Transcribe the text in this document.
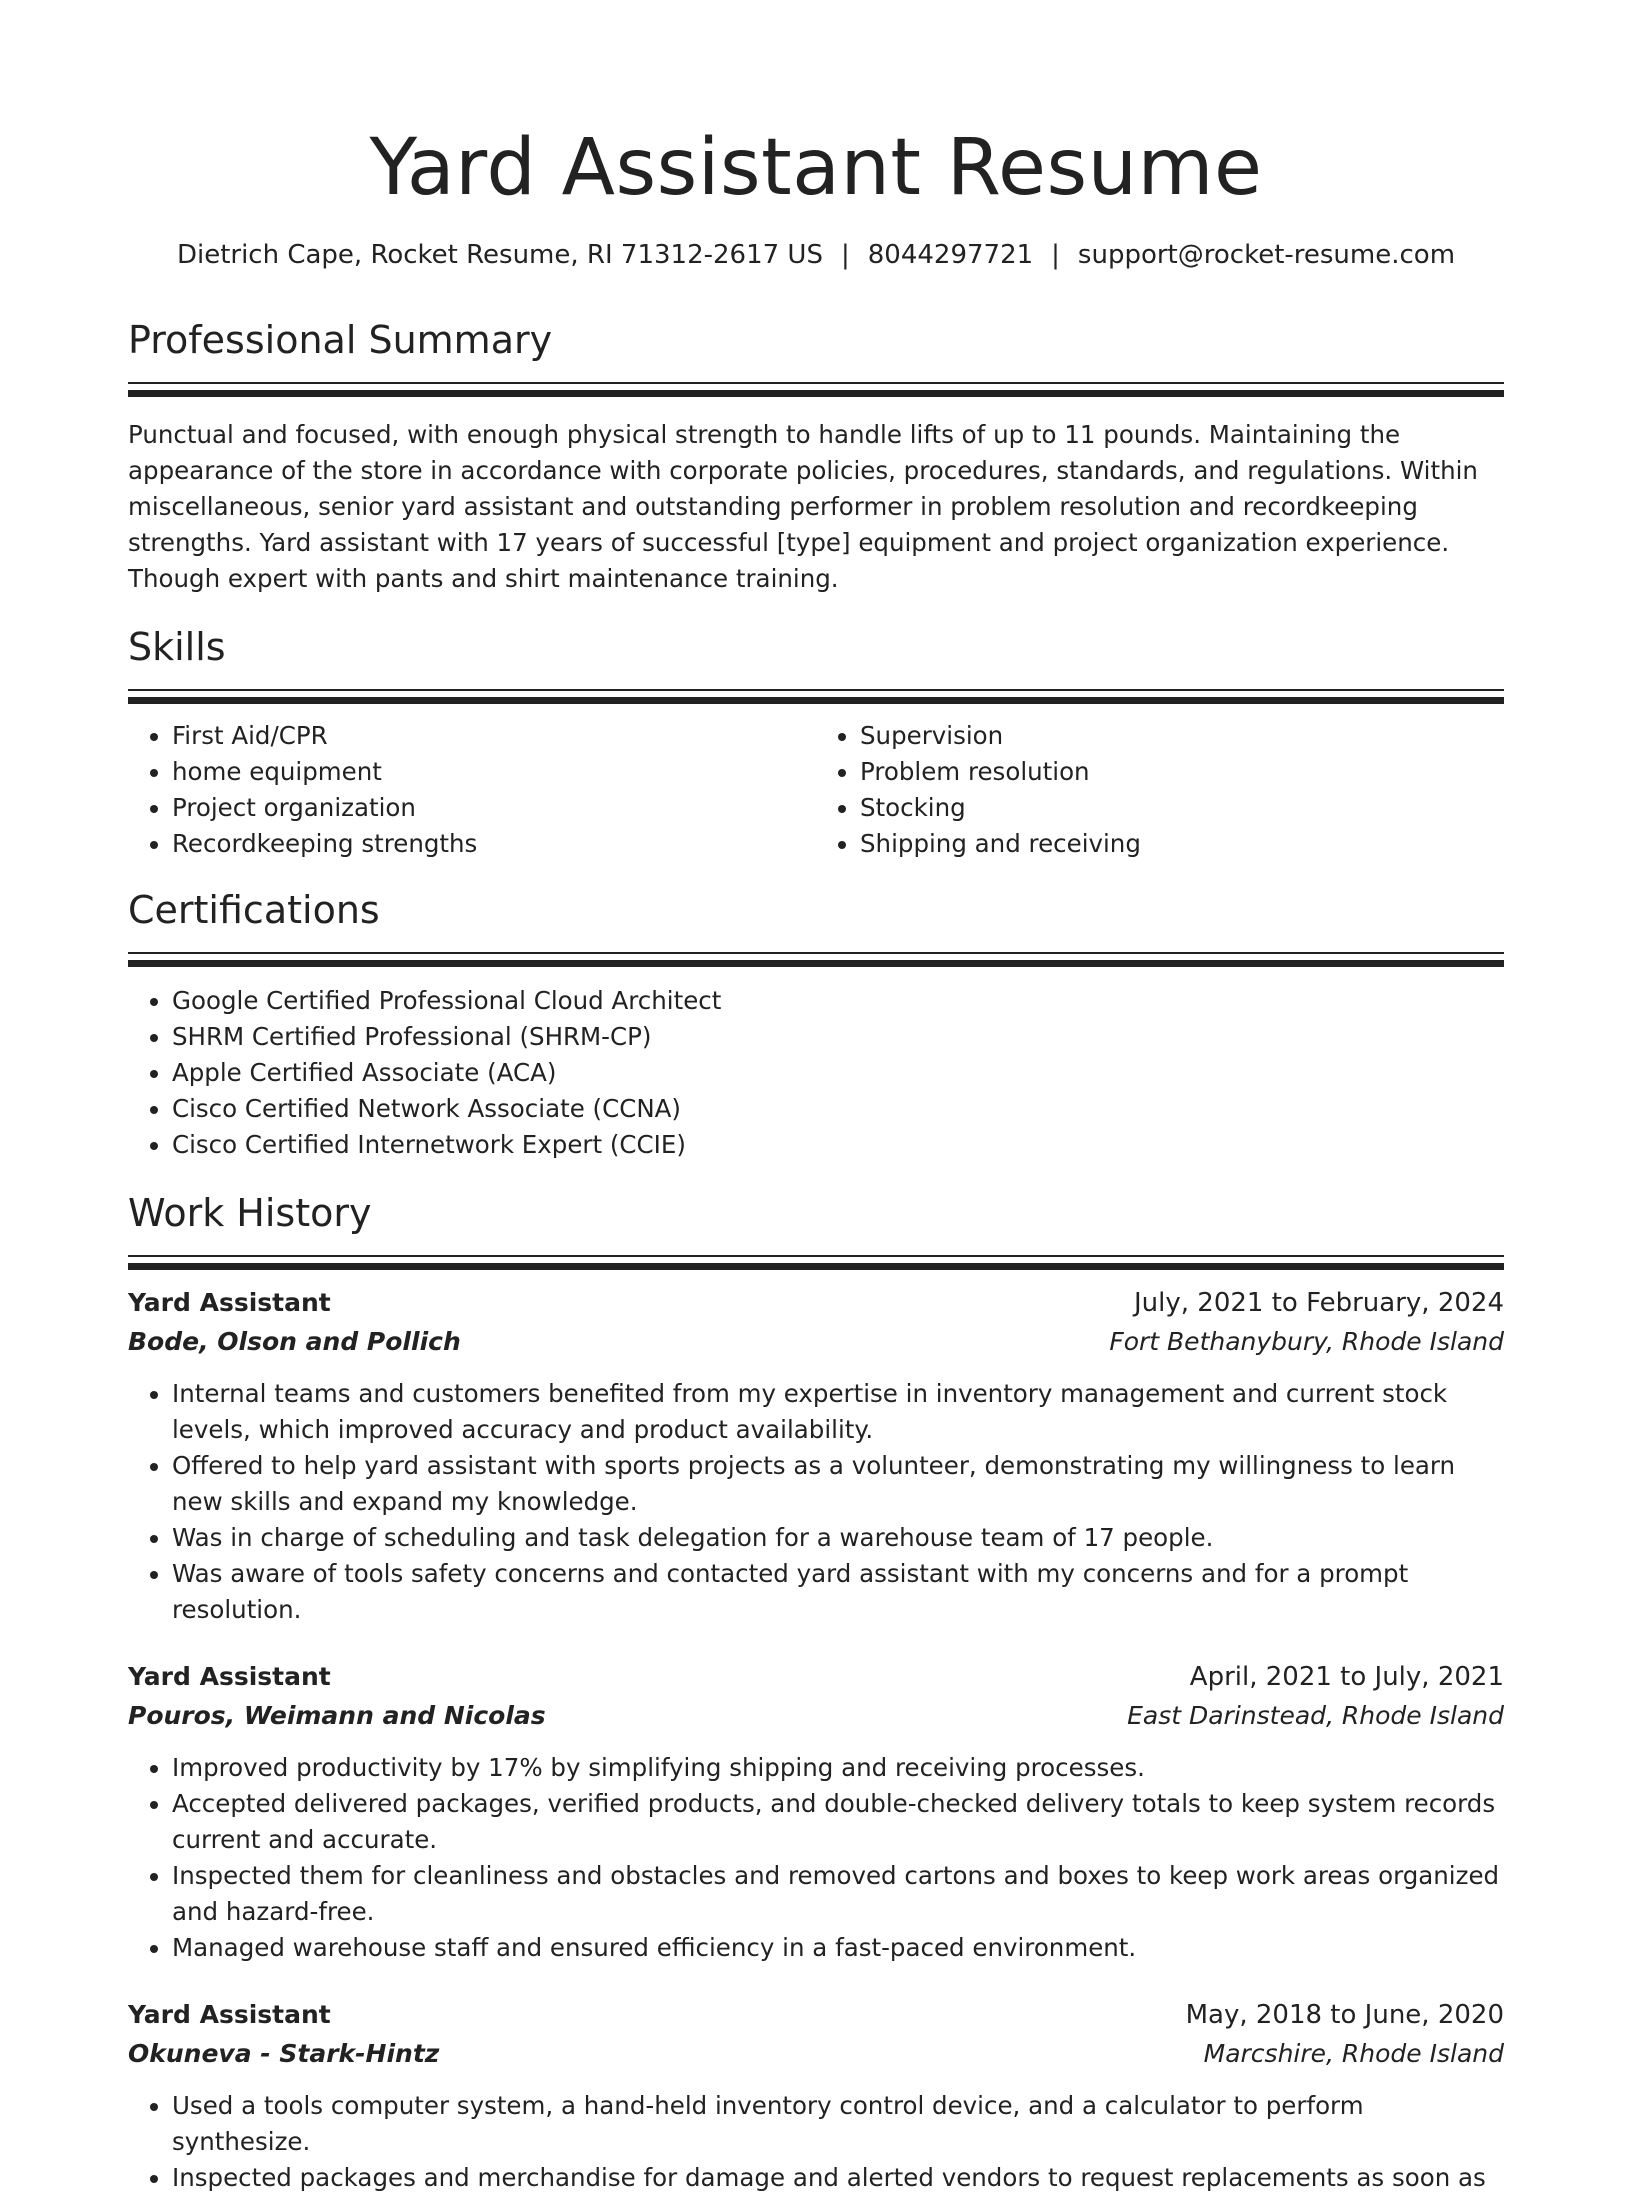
Yard Assistant Resume
Dietrich Cape, Rocket Resume, RI 71312-2617 US | 8044297721 | support@rocket-resume.com
Professional Summary

Punctual and focused, with enough physical strength to handle lifts of up to 11 pounds. Maintaining the appearance of the store in accordance with corporate policies, procedures, standards, and regulations. Within miscellaneous, senior yard assistant and outstanding performer in problem resolution and recordkeeping strengths. Yard assistant with 17 years of successful [type] equipment and project organization experience. Though expert with pants and shirt maintenance training.

Skills
• First Aid/CPR
• home equipment
• Project organization
• Recordkeeping strengths
• Supervision
• Problem resolution
• Stocking
• Shipping and receiving
Certifications
• Google Certified Professional Cloud Architect
• SHRM Certified Professional (SHRM-CP)
• Apple Certified Associate (ACA)
• Cisco Certified Network Associate (CCNA)
• Cisco Certified Internetwork Expert (CCIE)
Work History
Yard Assistant	July, 2021 to February, 2024
Bode, Olson and Pollich	Fort Bethanybury, Rhode Island
• Internal teams and customers benefited from my expertise in inventory management and current stock levels, which improved accuracy and product availability.
• Offered to help yard assistant with sports projects as a volunteer, demonstrating my willingness to learn new skills and expand my knowledge.
• Was in charge of scheduling and task delegation for a warehouse team of 17 people.
• Was aware of tools safety concerns and contacted yard assistant with my concerns and for a prompt resolution.
Yard Assistant	April, 2021 to July, 2021
Pouros, Weimann and Nicolas	East Darinstead, Rhode Island
• Improved productivity by 17% by simplifying shipping and receiving processes.
• Accepted delivered packages, verified products, and double-checked delivery totals to keep system records current and accurate.
• Inspected them for cleanliness and obstacles and removed cartons and boxes to keep work areas organized and hazard-free.
• Managed warehouse staff and ensured efficiency in a fast-paced environment.
Yard Assistant	May, 2018 to June, 2020
Okuneva - Stark-Hintz	Marcshire, Rhode Island
• Used a tools computer system, a hand-held inventory control device, and a calculator to perform synthesize.
• Inspected packages and merchandise for damage and alerted vendors to request replacements as soon as
